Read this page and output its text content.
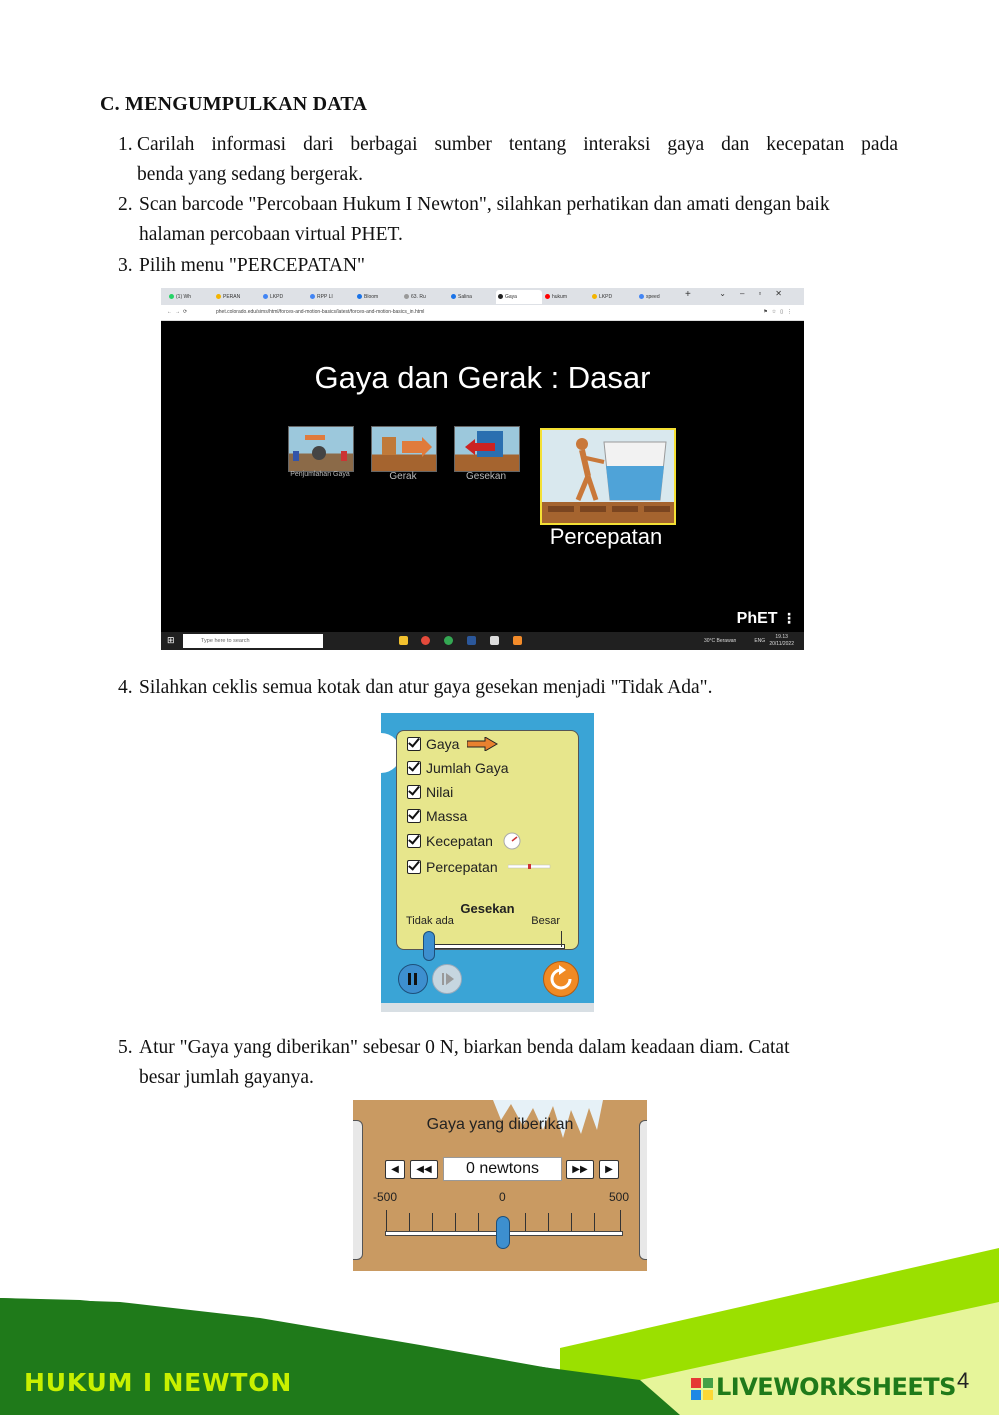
C. MENGUMPULKAN DATA
1. Carilah informasi dari berbagai sumber tentang interaksi gaya dan kecepatan pada
benda yang sedang bergerak.
2. Scan barcode "Percobaan Hukum I Newton", silahkan perhatikan dan amati dengan baik
halaman percobaan virtual PHET.
3. Pilih menu "PERCEPATAN"
(1) Wh	PERAN	LKPD	RPP LI	Bloom	63. Ru	Salina	Gaya	hukum	LKPD	speed	+	⌄–▫✕
←→⟳	phet.colorado.edu/sims/html/forces-and-motion-basics/latest/forces-and-motion-basics_in.html	⚑☆▯⋮
Gaya dan Gerak : Dasar
Penjumlahan Gaya	Gerak	Gesekan
Percepatan
PhET ⋮
⊞	Type here to search	30°C Berawan	ENG   19.13
20/11/2022
4. Silahkan ceklis semua kotak dan atur gaya gesekan menjadi "Tidak Ada".
Gaya
Jumlah Gaya
Nilai
Massa
Kecepatan
Percepatan
Gesekan
Tidak ada	Besar
5. Atur "Gaya yang diberikan" sebesar 0 N, biarkan benda dalam keadaan diam. Catat
besar jumlah gayanya.
Gaya yang diberikan
◀	◀◀	0 newtons	▶▶	▶
-500	0	500
HUKUM I NEWTON	LIVEWORKSHEETS 4
